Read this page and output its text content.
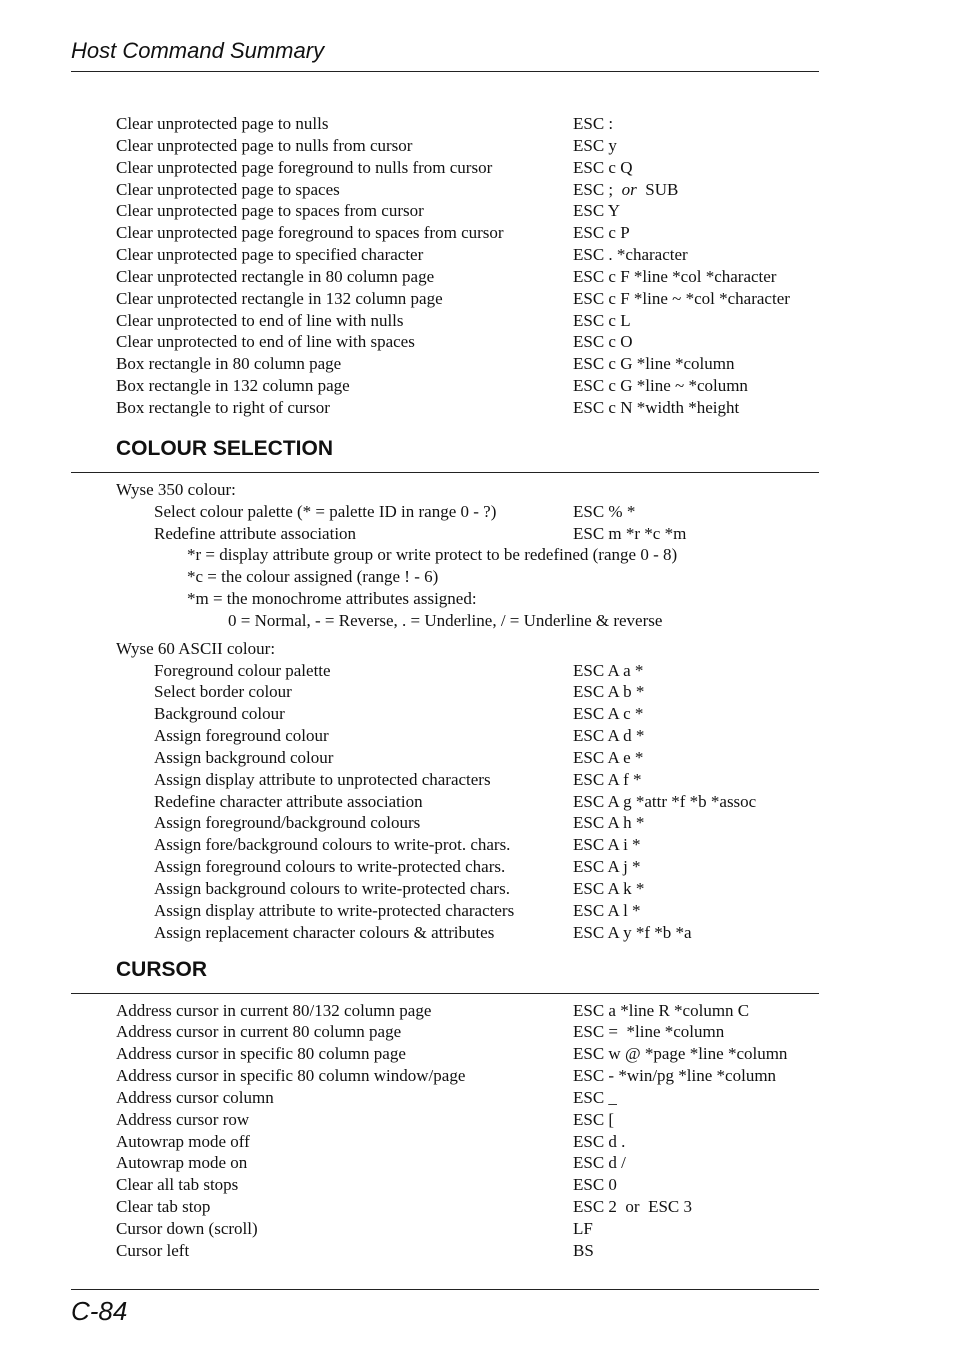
Host Command Summary
Clear unprotected page to nulls	ESC :
Clear unprotected page to nulls from cursor	ESC y
Clear unprotected page foreground to nulls from cursor	ESC c Q
Clear unprotected page to spaces	ESC ; or SUB
Clear unprotected page to spaces from cursor	ESC Y
Clear unprotected page foreground to spaces from cursor	ESC c P
Clear unprotected page to specified character	ESC . *character
Clear unprotected rectangle in 80 column page	ESC c F *line *col *character
Clear unprotected rectangle in 132 column page	ESC c F *line ~ *col *character
Clear unprotected to end of line with nulls	ESC c L
Clear unprotected to end of line with spaces	ESC c O
Box rectangle in 80 column page	ESC c G *line *column
Box rectangle in 132 column page	ESC c G *line ~ *column
Box rectangle to right of cursor	ESC c N *width *height
COLOUR SELECTION
Wyse 350 colour:
Select colour palette (* = palette ID in range 0 - ?)	ESC % *
Redefine attribute association	ESC m *r *c *m
*r = display attribute group or write protect to be redefined (range 0 - 8)
*c = the colour assigned (range ! - 6)
*m = the monochrome attributes assigned:
0 = Normal, - = Reverse, . = Underline, / = Underline & reverse
Wyse 60 ASCII colour:
Foreground colour palette	ESC A a *
Select border colour	ESC A b *
Background colour	ESC A c *
Assign foreground colour	ESC A d *
Assign background colour	ESC A e *
Assign display attribute to unprotected characters	ESC A f *
Redefine character attribute association	ESC A g *attr *f *b *assoc
Assign foreground/background colours	ESC A h *
Assign fore/background colours to write-prot. chars.	ESC A i *
Assign foreground colours to write-protected chars.	ESC A j *
Assign background colours to write-protected chars.	ESC A k *
Assign display attribute to write-protected characters	ESC A l *
Assign replacement character colours & attributes	ESC A y *f *b *a
CURSOR
Address cursor in current 80/132 column page	ESC a *line R *column C
Address cursor in current 80 column page	ESC =  *line *column
Address cursor in specific 80 column page	ESC w @ *page *line *column
Address cursor in specific 80 column window/page	ESC - *win/pg *line *column
Address cursor column	ESC _
Address cursor row	ESC [
Autowrap mode off	ESC d .
Autowrap mode on	ESC d /
Clear all tab stops	ESC 0
Clear tab stop	ESC 2  or  ESC 3
Cursor down (scroll)	LF
Cursor left	BS
C-84
